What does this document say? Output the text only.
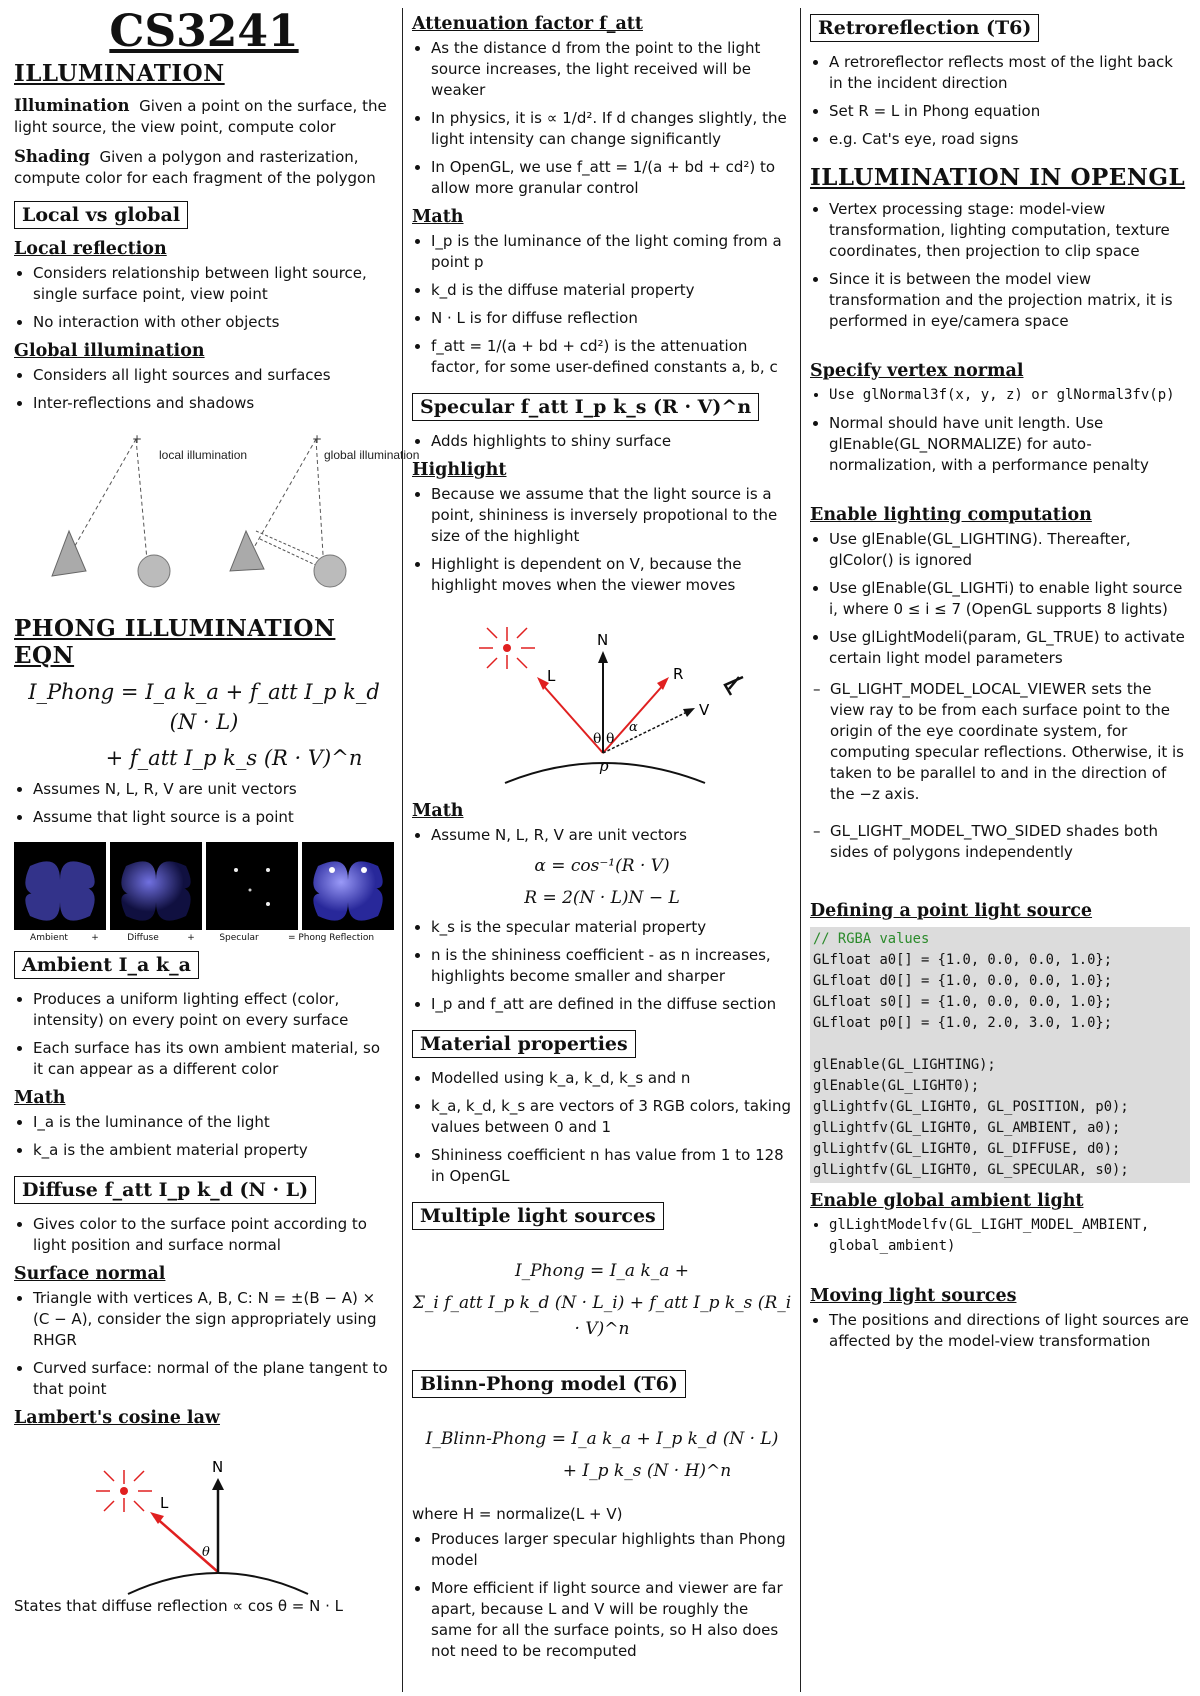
CS3241
ILLUMINATION

Illumination Given a point on the surface, the light source, the view point, compute color

Shading Given a polygon and rasterization, compute color for each fragment of the polygon

Local vs global
Local reflection
• Considers relationship between light source, single surface point, view point
• No interaction with other objects
Global illumination
• Considers all light sources and surfaces
• Inter-reflections and shadows
+	+
local illumination	global illumination
PHONG ILLUMINATION EQN
I_Phong = I_a k_a + f_att I_p k_d (N · L)
+ f_att I_p k_s (R · V)^n
• Assumes N, L, R, V are unit vectors
• Assume that light source is a point
Ambient	+	Diffuse	+	Specular	= Phong Reflection
Ambient I_a k_a
• Produces a uniform lighting effect (color, intensity) on every point on every surface
• Each surface has its own ambient material, so it can appear as a different color
Math
• I_a is the luminance of the light
• k_a is the ambient material property
Diffuse f_att I_p k_d (N · L)
• Gives color to the surface point according to light position and surface normal
Surface normal
• Triangle with vertices A, B, C: N = ±(B − A) × (C − A), consider the sign appropriately using RHGR
• Curved surface: normal of the plane tangent to that point
Lambert's cosine law
L
N
θ

States that diffuse reflection ∝ cos θ = N · L

Attenuation factor f_att
• As the distance d from the point to the light source increases, the light received will be weaker
• In physics, it is ∝ 1/d². If d changes slightly, the light intensity can change significantly
• In OpenGL, we use f_att = 1/(a + bd + cd²) to allow more granular control
Math
• I_p is the luminance of the light coming from a point p
• k_d is the diffuse material property
• N · L is for diffuse reflection
• f_att = 1/(a + bd + cd²) is the attenuation factor, for some user-defined constants a, b, c
Specular f_att I_p k_s (R · V)^n
• Adds highlights to shiny surface
Highlight
• Because we assume that the light source is a point, shininess is inversely propotional to the size of the highlight
• Highlight is dependent on V, because the highlight moves when the viewer moves
L
N
R
V
θ θ
α
p
Math
• Assume N, L, R, V are unit vectors
α = cos⁻¹(R · V)
R = 2(N · L)N − L
• k_s is the specular material property
• n is the shininess coefficient - as n increases, highlights become smaller and sharper
• I_p and f_att are defined in the diffuse section
Material properties
• Modelled using k_a, k_d, k_s and n
• k_a, k_d, k_s are vectors of 3 RGB colors, taking values between 0 and 1
• Shininess coefficient n has value from 1 to 128 in OpenGL
Multiple light sources
I_Phong = I_a k_a +
Σ_i f_att I_p k_d (N · L_i) + f_att I_p k_s (R_i · V)^n
Blinn-Phong model (T6)
I_Blinn-Phong = I_a k_a + I_p k_d (N · L)
+ I_p k_s (N · H)^n

where H = normalize(L + V)

• Produces larger specular highlights than Phong model
• More efficient if light source and viewer are far apart, because L and V will be roughly the same for all the surface points, so H also does not need to be recomputed
Retroreflection (T6)
• A retroreflector reflects most of the light back in the incident direction
• Set R = L in Phong equation
• e.g. Cat's eye, road signs
ILLUMINATION IN OPENGL
• Vertex processing stage: model-view transformation, lighting computation, texture coordinates, then projection to clip space
• Since it is between the model view transformation and the projection matrix, it is performed in eye/camera space
Specify vertex normal
• Use glNormal3f(x, y, z) or glNormal3fv(p)
• Normal should have unit length. Use glEnable(GL_NORMALIZE) for auto-normalization, with a performance penalty
Enable lighting computation
• Use glEnable(GL_LIGHTING). Thereafter, glColor() is ignored
• Use glEnable(GL_LIGHTi) to enable light source i, where 0 ≤ i ≤ 7 (OpenGL supports 8 lights)
• Use glLightModeli(param, GL_TRUE) to activate certain light model parameters
– GL_LIGHT_MODEL_LOCAL_VIEWER sets the view ray to be from each surface point to the origin of the eye coordinate system, for computing specular reflections. Otherwise, it is taken to be parallel to and in the direction of the −z axis.
– GL_LIGHT_MODEL_TWO_SIDED shades both sides of polygons independently
Defining a point light source
// RGBA values
GLfloat a0[] = {1.0, 0.0, 0.0, 1.0};
GLfloat d0[] = {1.0, 0.0, 0.0, 1.0};
GLfloat s0[] = {1.0, 0.0, 0.0, 1.0};
GLfloat p0[] = {1.0, 2.0, 3.0, 1.0};

glEnable(GL_LIGHTING);
glEnable(GL_LIGHT0);
glLightfv(GL_LIGHT0, GL_POSITION, p0);
glLightfv(GL_LIGHT0, GL_AMBIENT, a0);
glLightfv(GL_LIGHT0, GL_DIFFUSE, d0);
glLightfv(GL_LIGHT0, GL_SPECULAR, s0);
Enable global ambient light
• glLightModelfv(GL_LIGHT_MODEL_AMBIENT, global_ambient)
Moving light sources
• The positions and directions of light sources are affected by the model-view transformation
